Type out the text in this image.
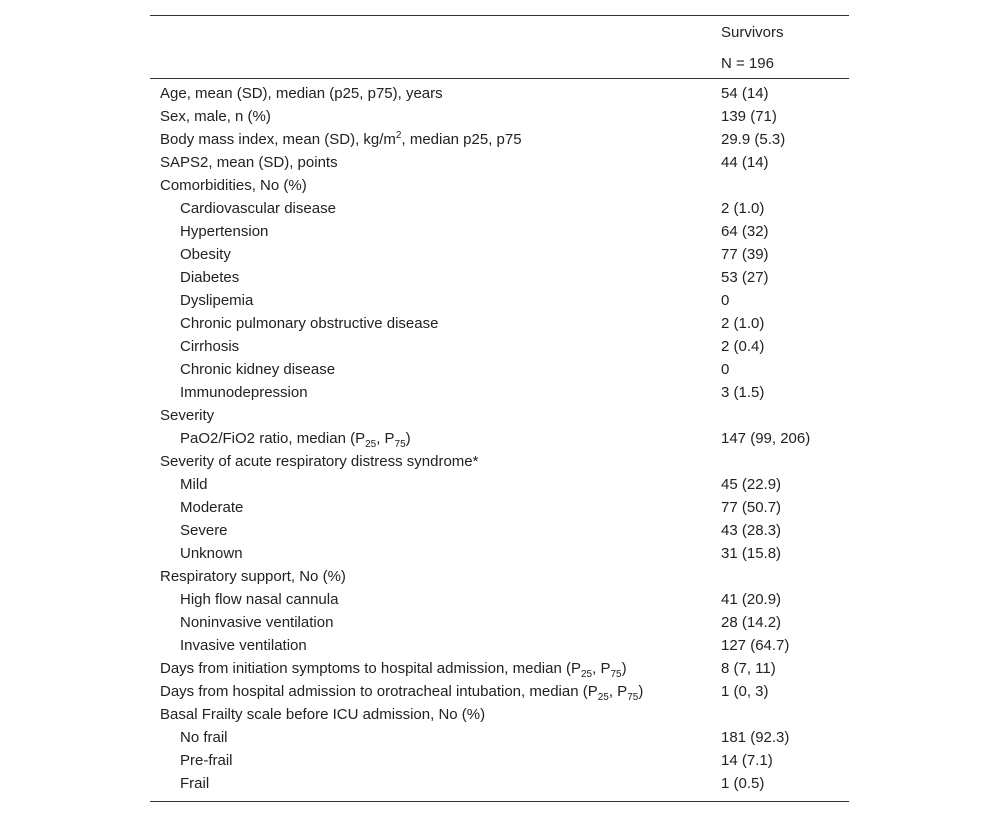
Survivors
N = 196
Age, mean (SD), median (p25, p75), years	54 (14)
Sex, male, n (%)	139 (71)
Body mass index, mean (SD), $kg/m^2$, median p25, p75	29.9 (5.3)
SAPS2, mean (SD), points	44 (14)
Comorbidities, No (%)
Cardiovascular disease	2 (1.0)
Hypertension	64 (32)
Obesity	77 (39)
Diabetes	53 (27)
Dyslipemia	0
Chronic pulmonary obstructive disease	2 (1.0)
Cirrhosis	2 (0.4)
Chronic kidney disease	0
Immunodepression	3 (1.5)
Severity
PaO2/FiO2 ratio, median ($P_{25}$, $P_{75}$)	147 (99, 206)
Severity of acute respiratory distress syndrome*
Mild	45 (22.9)
Moderate	77 (50.7)
Severe	43 (28.3)
Unknown	31 (15.8)
Respiratory support, No (%)
High flow nasal cannula	41 (20.9)
Noninvasive ventilation	28 (14.2)
Invasive ventilation	127 (64.7)
Days from initiation symptoms to hospital admission, median ($P_{25}$, $P_{75}$)	8 (7, 11)
Days from hospital admission to orotracheal intubation, median ($P_{25}$, $P_{75}$)	1 (0, 3)
Basal Frailty scale before ICU admission, No (%)
No frail	181 (92.3)
Pre-frail	14 (7.1)
Frail	1 (0.5)
